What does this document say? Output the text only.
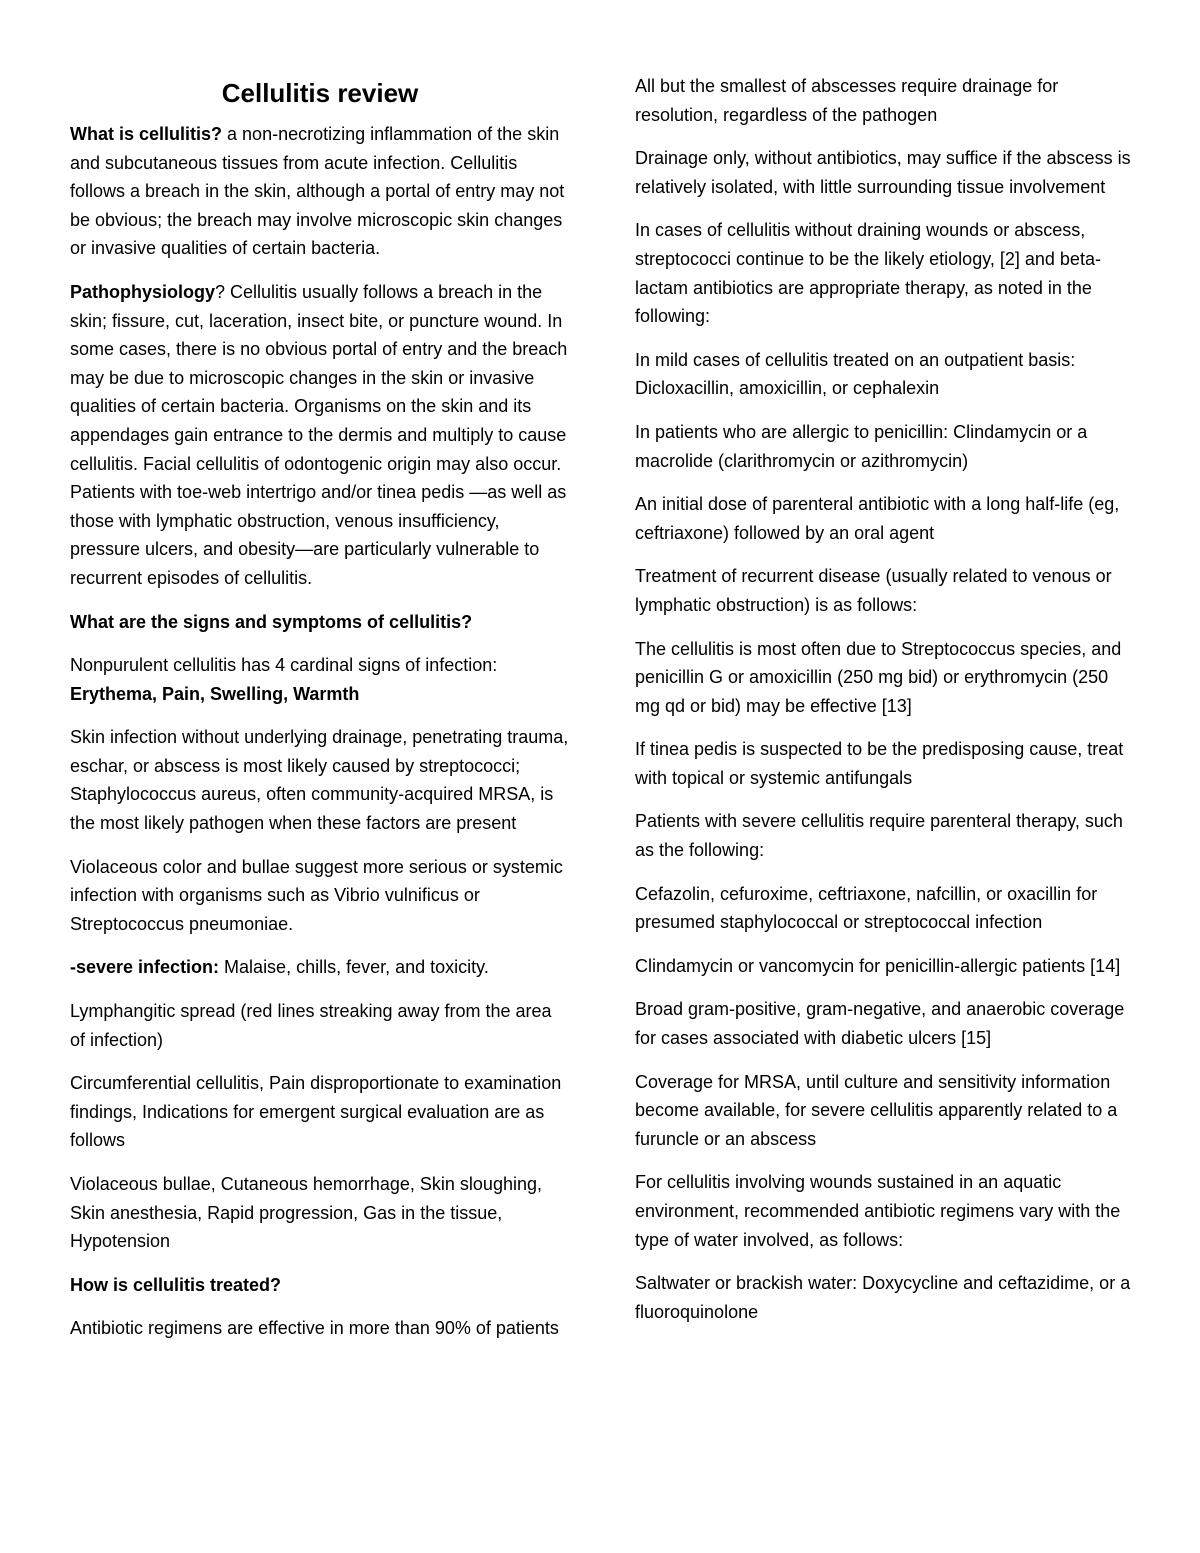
Cellulitis review

What is cellulitis? a non-necrotizing inflammation of the skin and subcutaneous tissues from acute infection. Cellulitis follows a breach in the skin, although a portal of entry may not be obvious; the breach may involve microscopic skin changes or invasive qualities of certain bacteria.

Pathophysiology? Cellulitis usually follows a breach in the skin; fissure, cut, laceration, insect bite, or puncture wound. In some cases, there is no obvious portal of entry and the breach may be due to microscopic changes in the skin or invasive qualities of certain bacteria. Organisms on the skin and its appendages gain entrance to the dermis and multiply to cause cellulitis. Facial cellulitis of odontogenic origin may also occur. Patients with toe-web intertrigo and/or tinea pedis —as well as those with lymphatic obstruction, venous insufficiency, pressure ulcers, and obesity—are particularly vulnerable to recurrent episodes of cellulitis.

What are the signs and symptoms of cellulitis?

Nonpurulent cellulitis has 4 cardinal signs of infection:
Erythema, Pain, Swelling, Warmth

Skin infection without underlying drainage, penetrating trauma, eschar, or abscess is most likely caused by streptococci; Staphylococcus aureus, often community-acquired MRSA, is the most likely pathogen when these factors are present

Violaceous color and bullae suggest more serious or systemic infection with organisms such as Vibrio vulnificus or Streptococcus pneumoniae.

-severe infection: Malaise, chills, fever, and toxicity.

Lymphangitic spread (red lines streaking away from the area of infection)

Circumferential cellulitis, Pain disproportionate to examination findings, Indications for emergent surgical evaluation are as follows

Violaceous bullae, Cutaneous hemorrhage, Skin sloughing, Skin anesthesia, Rapid progression, Gas in the tissue, Hypotension

How is cellulitis treated?

Antibiotic regimens are effective in more than 90% of patients

All but the smallest of abscesses require drainage for resolution, regardless of the pathogen

Drainage only, without antibiotics, may suffice if the abscess is relatively isolated, with little surrounding tissue involvement

In cases of cellulitis without draining wounds or abscess, streptococci continue to be the likely etiology, [2] and beta-lactam antibiotics are appropriate therapy, as noted in the following:

In mild cases of cellulitis treated on an outpatient basis: Dicloxacillin, amoxicillin, or cephalexin

In patients who are allergic to penicillin: Clindamycin or a macrolide (clarithromycin or azithromycin)

An initial dose of parenteral antibiotic with a long half-life (eg, ceftriaxone) followed by an oral agent

Treatment of recurrent disease (usually related to venous or lymphatic obstruction) is as follows:

The cellulitis is most often due to Streptococcus species, and penicillin G or amoxicillin (250 mg bid) or erythromycin (250 mg qd or bid) may be effective [13]

If tinea pedis is suspected to be the predisposing cause, treat with topical or systemic antifungals

Patients with severe cellulitis require parenteral therapy, such as the following:

Cefazolin, cefuroxime, ceftriaxone, nafcillin, or oxacillin for presumed staphylococcal or streptococcal infection

Clindamycin or vancomycin for penicillin-allergic patients [14]

Broad gram-positive, gram-negative, and anaerobic coverage for cases associated with diabetic ulcers [15]

Coverage for MRSA, until culture and sensitivity information become available, for severe cellulitis apparently related to a furuncle or an abscess

For cellulitis involving wounds sustained in an aquatic environment, recommended antibiotic regimens vary with the type of water involved, as follows:

Saltwater or brackish water: Doxycycline and ceftazidime, or a fluoroquinolone
